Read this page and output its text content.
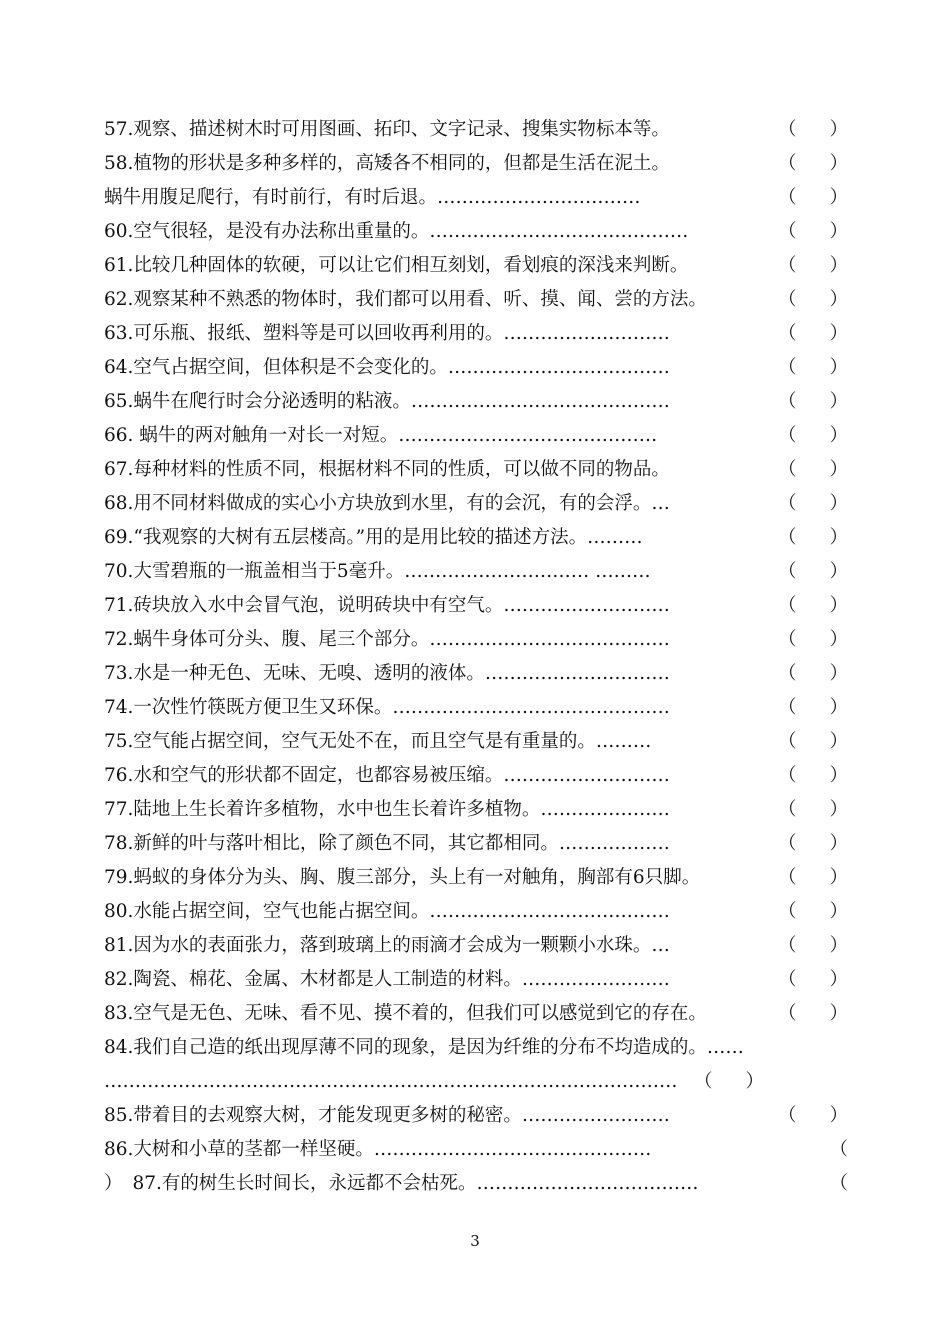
57.观察、描述树木时可用图画、拓印、文字记录、搜集实物标本等。	（ ）
58.植物的形状是多种多样的，高矮各不相同的，但都是生活在泥土。	（ ）
蜗牛用腹足爬行，有时前行，有时后退。……………………………	（ ）
60.空气很轻，是没有办法称出重量的。……………………………………	（ ）
61.比较几种固体的软硬，可以让它们相互刻划，看划痕的深浅来判断。	（ ）
62.观察某种不熟悉的物体时，我们都可以用看、听、摸、闻、尝的方法。	（ ）
63.可乐瓶、报纸、塑料等是可以回收再利用的。………………………	（ ）
64.空气占据空间，但体积是不会变化的。………………………………	（ ）
65.蜗牛在爬行时会分泌透明的粘液。……………………………………	（ ）
66. 蜗牛的两对触角一对长一对短。……………………………………	（ ）
67.每种材料的性质不同，根据材料不同的性质，可以做不同的物品。	（ ）
68.用不同材料做成的实心小方块放到水里，有的会沉，有的会浮。…	（ ）
69.“我观察的大树有五层楼高。”用的是用比较的描述方法。………	（ ）
70.大雪碧瓶的一瓶盖相当于5毫升。………………………… ………	（ ）
71.砖块放入水中会冒气泡，说明砖块中有空气。………………………	（ ）
72.蜗牛身体可分头、腹、尾三个部分。…………………………………	（ ）
73.水是一种无色、无味、无嗅、透明的液体。…………………………	（ ）
74.一次性竹筷既方便卫生又环保。………………………………………	（ ）
75.空气能占据空间，空气无处不在，而且空气是有重量的。………	（ ）
76.水和空气的形状都不固定，也都容易被压缩。………………………	（ ）
77.陆地上生长着许多植物，水中也生长着许多植物。…………………	（ ）
78.新鲜的叶与落叶相比，除了颜色不同，其它都相同。………………	（ ）
79.蚂蚁的身体分为头、胸、腹三部分，头上有一对触角，胸部有6只脚。	（ ）
80.水能占据空间，空气也能占据空间。…………………………………	（ ）
81.因为水的表面张力，落到玻璃上的雨滴才会成为一颗颗小水珠。…	（ ）
82.陶瓷、棉花、金属、木材都是人工制造的材料。……………………	（ ）
83.空气是无色、无味、看不见、摸不着的，但我们可以感觉到它的存在。	（ ）
84.我们自己造的纸出现厚薄不同的现象，是因为纤维的分布不均造成的。……
………………………………………………………………………………… （ ）
85.带着目的去观察大树，才能发现更多树的秘密。……………………	（ ）
86.大树和小草的茎都一样坚硬。………………………………………	（
） 87.有的树生长时间长，永远都不会枯死。………………………………	（
3
